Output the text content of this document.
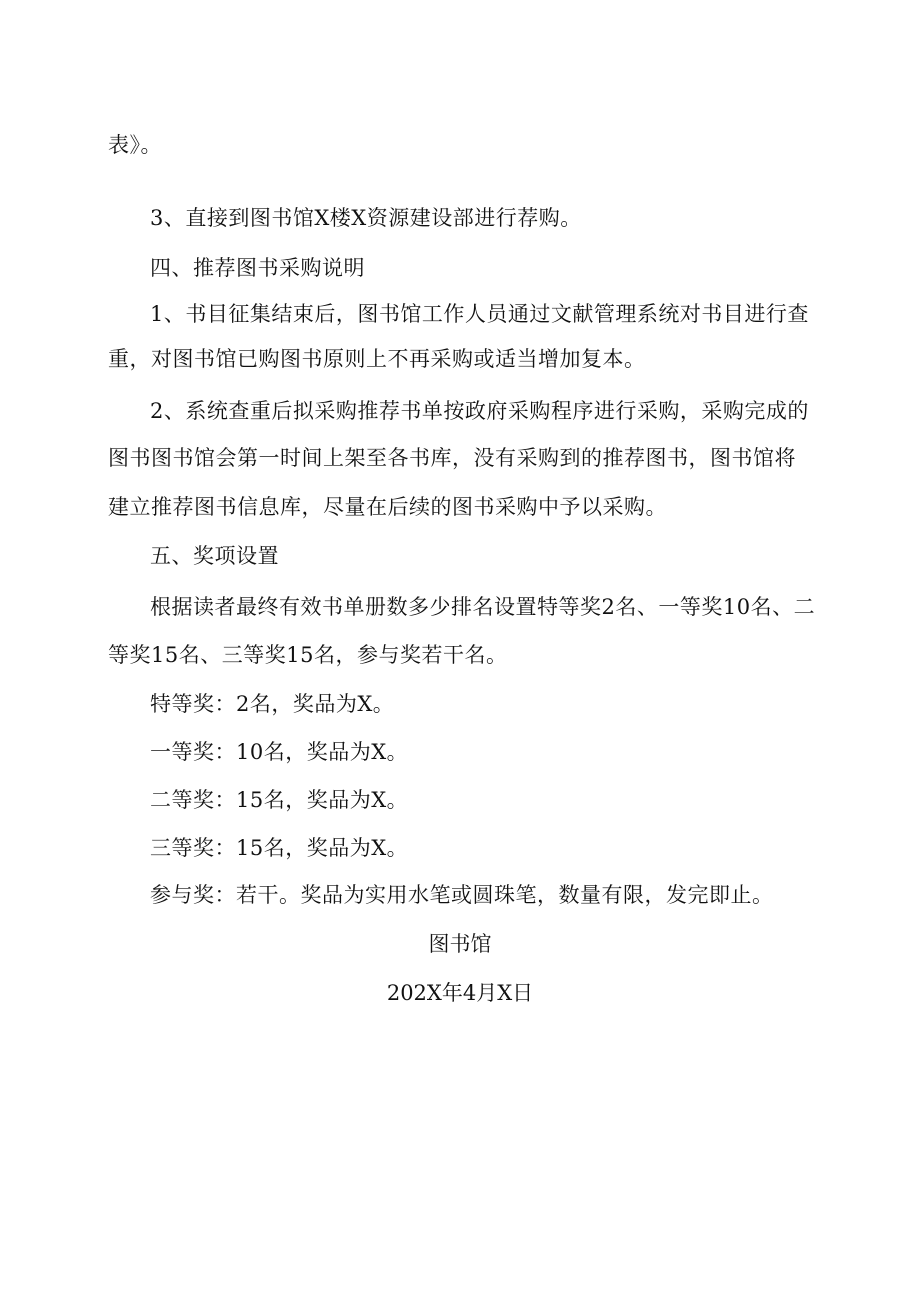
表》。
3、直接到图书馆X楼X资源建设部进行荐购。
四、推荐图书采购说明
1、书目征集结束后，图书馆工作人员通过文献管理系统对书目进行查
重，对图书馆已购图书原则上不再采购或适当增加复本。
2、系统查重后拟采购推荐书单按政府采购程序进行采购，采购完成的
图书图书馆会第一时间上架至各书库，没有采购到的推荐图书，图书馆将
建立推荐图书信息库，尽量在后续的图书采购中予以采购。
五、奖项设置
根据读者最终有效书单册数多少排名设置特等奖2名、一等奖10名、 二
等奖15名、三等奖15名，参与奖若干名。
特等奖：2名，奖品为X。
一等奖：10名，奖品为X。
二等奖：15名，奖品为X。
三等奖：15名，奖品为X。
参与奖：若干。奖品为实用水笔或圆珠笔，数量有限，发完即止。
图书馆
202X年4月X日
